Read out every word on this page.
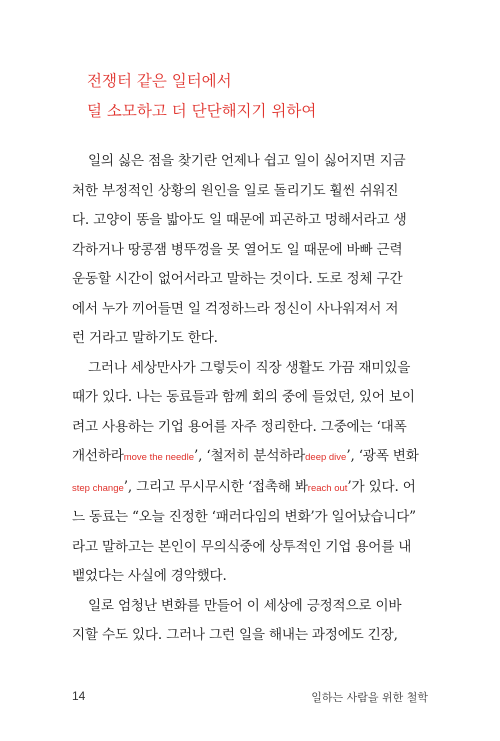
전쟁터 같은 일터에서
덜 소모하고 더 단단해지기 위하여
일의 싫은 점을 찾기란 언제나 쉽고 일이 싫어지면 지금
처한 부정적인 상황의 원인을 일로 돌리기도 훨씬 쉬워진
다. 고양이 똥을 밟아도 일 때문에 피곤하고 멍해서라고 생
각하거나 땅콩잼 병뚜껑을 못 열어도 일 때문에 바빠 근력
운동할 시간이 없어서라고 말하는 것이다. 도로 정체 구간
에서 누가 끼어들면 일 걱정하느라 정신이 사나워져서 저
런 거라고 말하기도 한다.
그러나 세상만사가 그렇듯이 직장 생활도 가끔 재미있을
때가 있다. 나는 동료들과 함께 회의 중에 들었던, 있어 보이
려고 사용하는 기업 용어를 자주 정리한다. 그중에는 ‘대폭
개선하라move the needle’, ‘철저히 분석하라deep dive’, ‘광폭 변화
step change’, 그리고 무시무시한 ‘접촉해 봐reach out’가 있다. 어
느 동료는 “오늘 진정한 ‘패러다임의 변화’가 일어났습니다”
라고 말하고는 본인이 무의식중에 상투적인 기업 용어를 내
뱉었다는 사실에 경악했다.
일로 엄청난 변화를 만들어 이 세상에 긍정적으로 이바
지할 수도 있다. 그러나 그런 일을 해내는 과정에도 긴장,
14	일하는 사람을 위한 철학
